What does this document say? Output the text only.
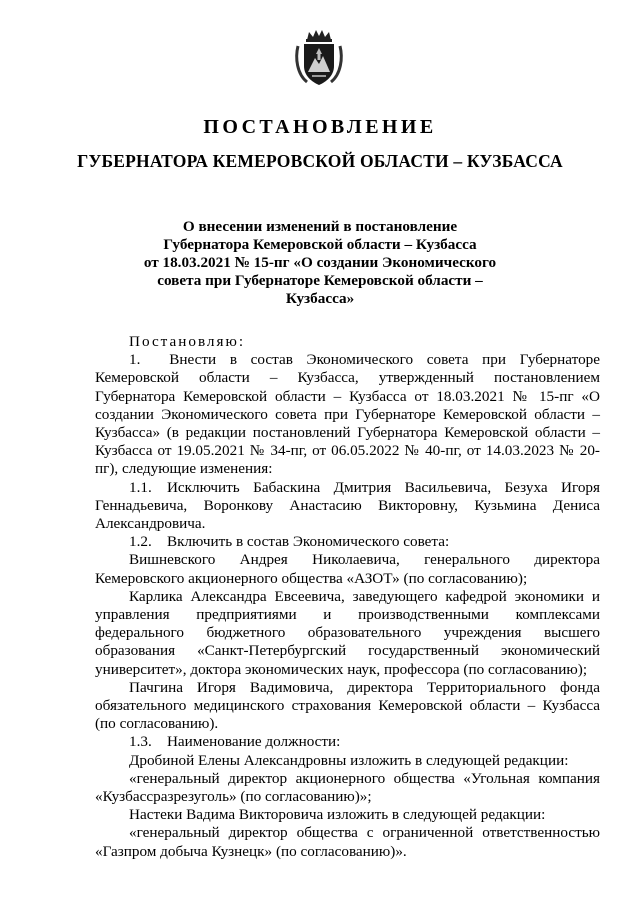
ПОСТАНОВЛЕНИЕ
ГУБЕРНАТОРА КЕМЕРОВСКОЙ ОБЛАСТИ – КУЗБАССА
О внесении изменений в постановление
Губернатора Кемеровской области – Кузбасса
от 18.03.2021 № 15-пг «О создании Экономического
совета при Губернаторе Кемеровской области –
Кузбасса»

Постановляю:

1.  Внести в состав Экономического совета при Губернаторе Кемеровской области – Кузбасса, утвержденный постановлением Губернатора Кемеровской области – Кузбасса от 18.03.2021 № 15-пг «О создании Экономического совета при Губернаторе Кемеровской области – Кузбасса» (в редакции постановлений Губернатора Кемеровской области – Кузбасса от 19.05.2021 № 34-пг, от 06.05.2022 № 40-пг, от 14.03.2023 № 20-пг), следующие изменения:

1.1. Исключить Бабаскина Дмитрия Васильевича, Безуха Игоря Геннадьевича, Воронкову Анастасию Викторовну, Кузьмина Дениса Александровича.

1.2. Включить в состав Экономического совета:

Вишневского Андрея Николаевича, генерального директора Кемеровского акционерного общества «АЗОТ» (по согласованию);

Карлика Александра Евсеевича, заведующего кафедрой экономики и управления предприятиями и производственными комплексами федерального бюджетного образовательного учреждения высшего образования «Санкт-Петербургский государственный экономический университет», доктора экономических наук, профессора (по согласованию);

Пачгина Игоря Вадимовича, директора Территориального фонда обязательного медицинского страхования Кемеровской области – Кузбасса (по согласованию).

1.3. Наименование должности:

Дробиной Елены Александровны изложить в следующей редакции:

«генеральный директор акционерного общества «Угольная компания «Кузбассразрезуголь» (по согласованию)»;

Настеки Вадима Викторовича изложить в следующей редакции:

«генеральный директор общества с ограниченной ответственностью «Газпром добыча Кузнецк» (по согласованию)».
